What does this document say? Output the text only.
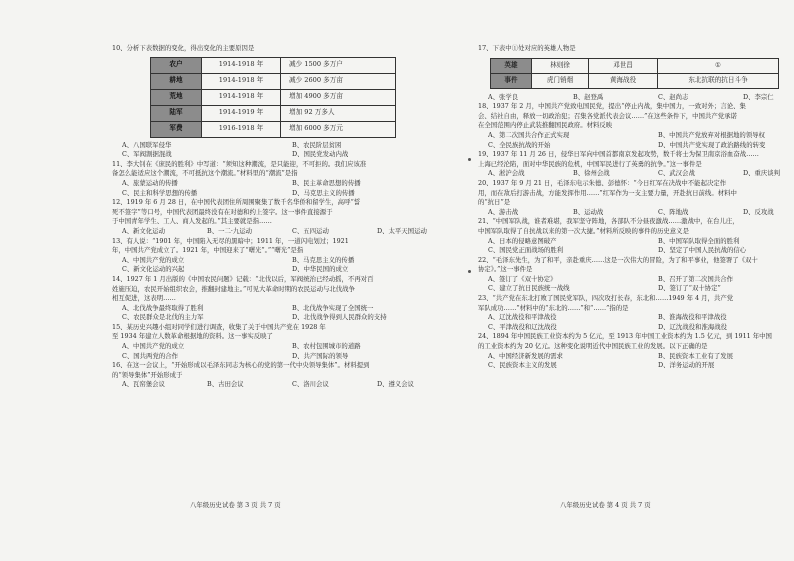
10、分析下表数据的变化，得出变化的主要原因是

农户	1914-1918 年	减少 1500 多万户
耕地	1914-1918 年	减少 2600 多万亩
荒地	1914-1918 年	增加 4900 多万亩
陆军	1914-1919 年	增加 92 万多人
军费	1916-1918 年	增加 6000 多万元
A、八国联军侵华	B、农民阶层贫困
C、军阀割据混战	D、国民党发动内战

11、李大钊在《庶民的胜利》中写道：“须知这种潮流，是只能迎，不可拒的。我们应该准

备怎么能适应这个潮流，不可抵抗这个潮流。”材料里的“潮流”是指

A、旅蒙运动的传播	B、民主革命思想的传播
C、民主和科学思想的传播	D、马克思主义的传播

12、1919 年 6 月 28 日，在中国代表团住所周围聚集了数千名华侨和留学生，高呼“誓

死不签字”等口号，中国代表团最终没有在对德和约上签字。这一事件直接源于

于中国青年学生、工人、商人发起的。”其主要就是指……

A、新文化运动	B、一二·九运动	C、五四运动	D、太平天国运动

13、有人说：“1901 年，中国陷入无尽的黑暗中；1911 年，一道闪电划过；1921

年，中国共产党成立了。1921 年，中国迎来了“曙光”。”“曙光”是指

A、中国共产党的成立	B、马克思主义的传播
C、新文化运动的兴起	D、中华民国的成立

14、1927 年 1 月出版的《中国农民问题》记载：“北伐以后，军阀统治已经动摇，不再对百

姓施压迫，农民开始组织农会，推翻封建地主。”可见大革命时期的农民运动与北伐战争

相互促进，这表明……

A、北伐战争最终取得了胜利	B、北伐战争实现了全国统一
C、农民群众是北伐的主力军	D、北伐战争得到人民群众的支持

15、某历史兴趣小组对同学们进行调查，收集了关于中国共产党在 1928 年

至 1934 年建立人数革命根据地的资料。这一事实反映了

A、中国共产党的成立	B、农村包围城市的道路
C、国共两党的合作	D、共产国际的领导

16、在这一会议上，“开始形成以毛泽东同志为核心的党的第一代中央领导集体”。材料提到

的“领导集体”开始形成于

A、瓦窑堡会议	B、古田会议	C、洛川会议	D、遵义会议

17、下表中①处对应的英雄人物是

英雄	林则徐	邓世昌	①
事件	虎门销烟	黄海战役	东北抗联的抗日斗争
A、张学良	B、赵登禹	C、赵尚志	D、李宗仁

18、1937 年 2 月，中国共产党致电国民党，提出“停止内战，集中国力，一致对外；言论、集

会、结社自由，释放一切政治犯；召集各党派代表会议……”在这些条件下，中国共产党承诺

在全国范围内停止武装推翻国民政府。材料反映

A、第二次国共合作正式实现	B、中国共产党放弃对根据地的领导权
C、全民族抗战的开始	D、中国共产党实现了政治路线的转变

19、1937 年 11 月 26 日，侵华日军向中国首都南京发起攻势，数千将士为保卫南京浴血奋战……

上海已经沦陷，面对中华民族的危机，中国军民进行了英勇的抗争。”这一事件是

A、淞沪会战	B、徐州会战	C、武汉会战	D、重庆谈判

20、1937 年 9 月 21 日，毛泽东电示朱德、彭德怀：“今日红军在决战中不能起决定作

用，而在敌后打游击战，方能发挥作用……”红军作为一支主要力量，开赴抗日前线。材料中

的“抗日”是

A、游击战	B、运动战	C、阵地战	D、反攻战

21、“中国军队战，谁者难堪，我军坚守阵地，各部队不分昼夜激战……激战中，在台儿庄，

中国军队取得了自抗战以来的第一次大捷。”材料所反映的事件的历史意义是

A、日本的侵略意图破产	B、中国军队取得全面的胜利
C、国民党正面战场的胜利	D、坚定了中国人民抗战的信心

22、“毛泽东先生，为了和平，亲赴重庆……这是一次伟大的冒险，为了和平事业，他签署了《双十

协定》。”这一事件是

A、签订了《双十协定》	B、召开了第二次国共合作
C、建立了抗日民族统一战线	D、签订了“双十协定”

23、“共产党在东北打败了国民党军队，四次攻打长春，东北和……1949 年 4 月，共产党

军队成功……”材料中的“东北的……”和“……”指的是

A、辽沈战役和平津战役	B、淮海战役和平津战役
C、平津战役和辽沈战役	D、辽沈战役和淮海战役

24、1894 年中国民族工业资本约为 5 亿元，至 1913 年中国工业资本约为 1.5 亿元，到 1911 年中国

的工业资本约为 20 亿元。这种变化说明近代中国民族工业的发展。以下正确的是

A、中国经济新发展的需求	B、民族资本工业有了发展
C、民族资本主义的发展	D、洋务运动的开展
八年级历史试卷 第 3 页 共 7 页	八年级历史试卷 第 4 页 共 7 页
